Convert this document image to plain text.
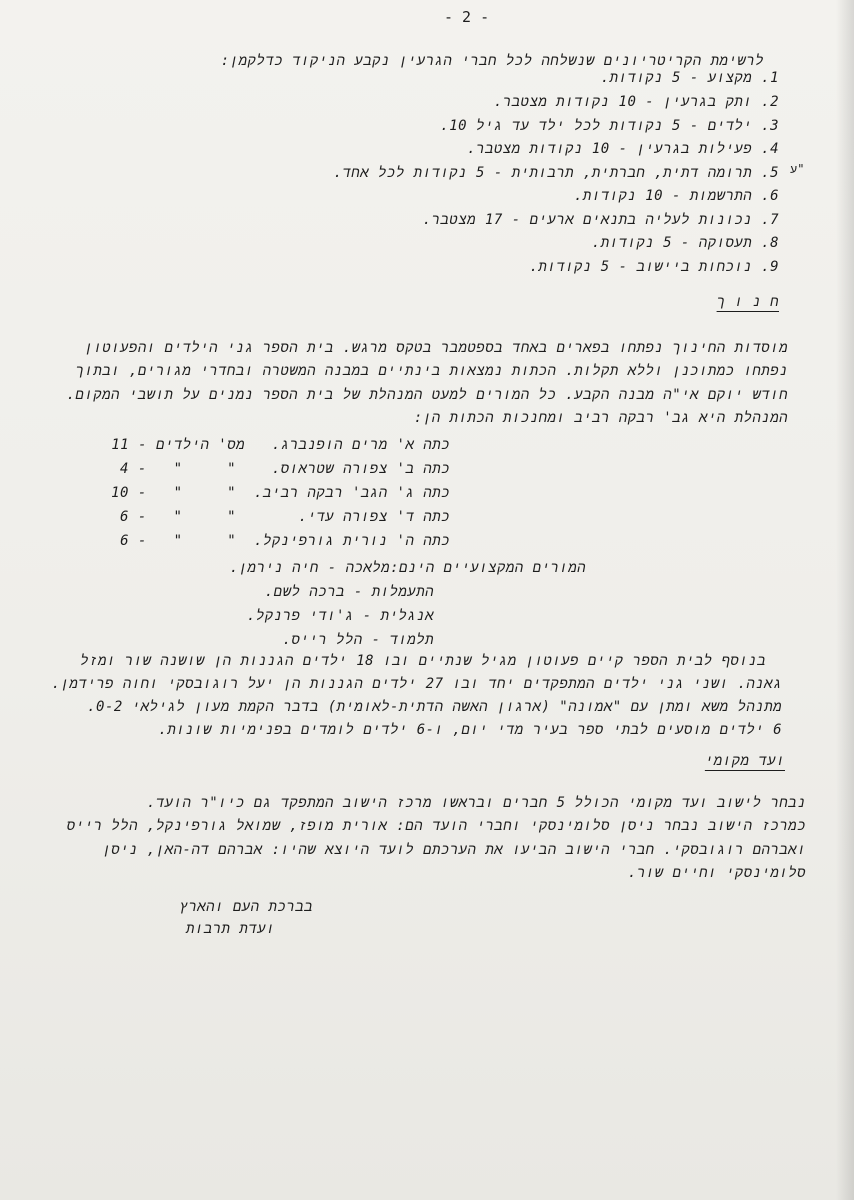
- 2 -
ע"
לרשימת הקריטריונים שנשלחה לכל חברי הגרעין נקבע הניקוד כדלקמן:
1. מקצוע - 5 נקודות.
2. ותק בגרעין - 10 נקודות מצטבר.
3. ילדים - 5 נקודות לכל ילד עד גיל 10.
4. פעילות בגרעין - 10 נקודות מצטבר.
5. תרומה דתית, חברתית, תרבותית - 5 נקודות לכל אחד.
6. התרשמות - 10 נקודות.
7. נכונות לעליה בתנאים ארעים - 17 מצטבר.
8. תעסוקה - 5 נקודות.
9. נוכחות ביישוב - 5 נקודות.
ח נ ו ך
מוסדות החינוך נפתחו בפארים באחד בספטמבר בטקס מרגש. בית הספר גני הילדים והפעוטון
נפתחו כמתוכנן וללא תקלות. הכתות נמצאות בינתיים במבנה המשטרה ובחדרי מגורים, ובתוך
חודש יוקם אי"ה מבנה הקבע. כל המורים למעט המנהלת של בית הספר נמנים על תושבי המקום.
המנהלת היא גב' רבקה רביב ומחנכות הכתות הן:
כתה א' מרים הופנברג.   מס' הילדים - 11
כתה ב' צפורה שטראוס.    "     "   - 4
כתה ג' הגב' רבקה רביב.  "     "   - 10
כתה ד' צפורה עדי.       "     "   - 6
כתה ה' נורית גורפינקל.  "     "   - 6
המורים המקצועיים הינם:מלאכה - חיה נירמן.
התעמלות - ברכה לשם.
אנגלית - ג'ודי פרנקל.
תלמוד - הלל רייס.
בנוסף לבית הספר קיים פעוטון מגיל שנתיים ובו 18 ילדים הגננות הן שושנה שור ומזל
גאנה. ושני גני ילדים המתפקדים יחד ובו 27 ילדים הגננות הן יעל רוגובסקי וחוה פרידמן.
מתנהל משא ומתן עם "אמונה" (ארגון האשה הדתית-לאומית) בדבר הקמת מעון לגילאי 0-2.
6 ילדים מוסעים לבתי ספר בעיר מדי יום, ו-6 ילדים לומדים בפנימיות שונות.
ועד מקומי
נבחר לישוב ועד מקומי הכולל 5 חברים ובראשו מרכז הישוב המתפקד גם כיו"ר הועד.
כמרכז הישוב נבחר ניסן סלומינסקי וחברי הועד הם: אורית מופז, שמואל גורפינקל, הלל רייס
ואברהם רוגובסקי. חברי הישוב הביעו את הערכתם לועד היוצא שהיו: אברהם דה-האן, ניסן
סלומינסקי וחיים שור.
בברכת העם והארץ
ועדת תרבות
